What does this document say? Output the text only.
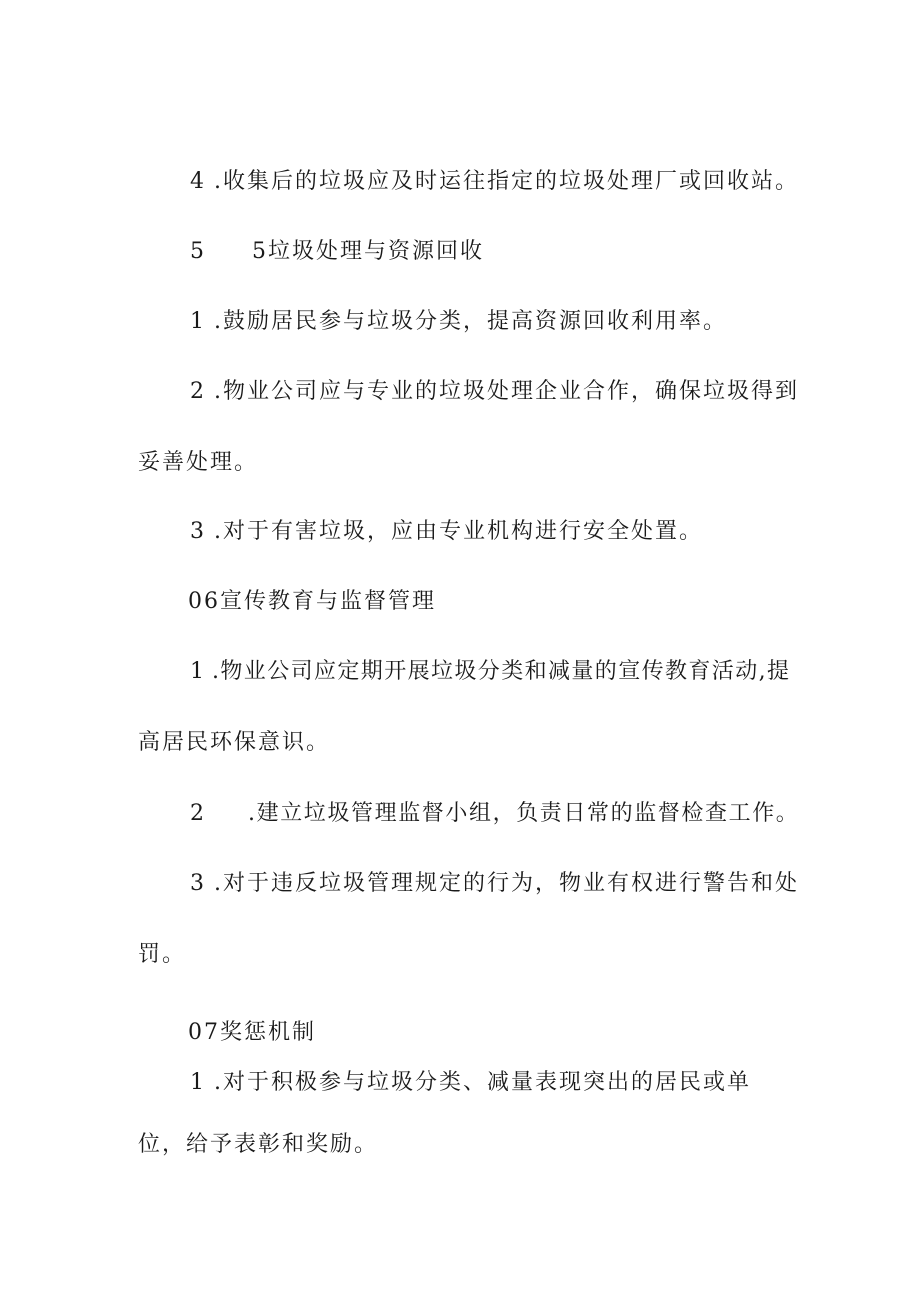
4 .收集后的垃圾应及时运往指定的垃圾处理厂或回收站。
5 5垃圾处理与资源回收
1 .鼓励居民参与垃圾分类，提高资源回收利用率。
2 .物业公司应与专业的垃圾处理企业合作，确保垃圾得到
妥善处理。
3 .对于有害垃圾，应由专业机构进行安全处置。
06宣传教育与监督管理
1 .物业公司应定期开展垃圾分类和减量的宣传教育活动,提
高居民环保意识。
2 .建立垃圾管理监督小组，负责日常的监督检查工作。
3 .对于违反垃圾管理规定的行为，物业有权进行警告和处
罚。
07奖惩机制
1 .对于积极参与垃圾分类、减量表现突出的居民或单
位，给予表彰和奖励。
